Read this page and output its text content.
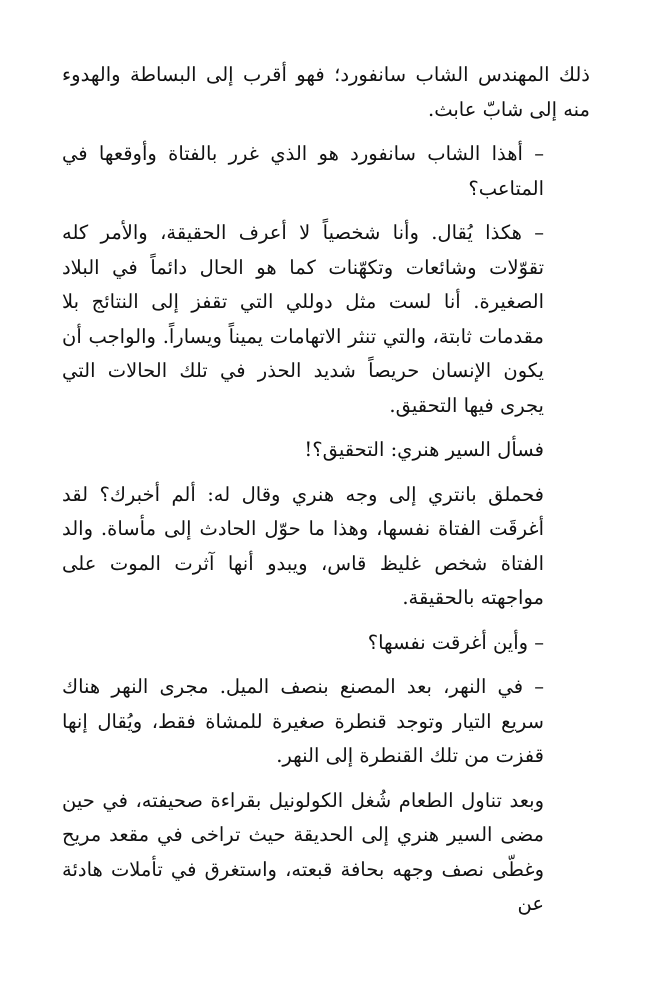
ذلك المهندس الشاب سانفورد؛ فهو أقرب إلى البساطة والهدوء منه إلى شابّ عابث.

– أهذا الشاب سانفورد هو الذي غرر بالفتاة وأوقعها في المتاعب؟

– هكذا يُقال. وأنا شخصياً لا أعرف الحقيقة، والأمر كله تقوّلات وشائعات وتكهّنات كما هو الحال دائماً في البلاد الصغيرة. أنا لست مثل دوللي التي تقفز إلى النتائج بلا مقدمات ثابتة، والتي تنثر الاتهامات يميناً ويساراً. والواجب أن يكون الإنسان حريصاً شديد الحذر في تلك الحالات التي يجرى فيها التحقيق.

فسأل السير هنري: التحقيق؟!

فحملق بانتري إلى وجه هنري وقال له: ألم أخبرك؟ لقد أغرقَت الفتاة نفسها، وهذا ما حوّل الحادث إلى مأساة. والد الفتاة شخص غليظ قاس، ويبدو أنها آثرت الموت على مواجهته بالحقيقة.

– وأين أغرقت نفسها؟

– في النهر، بعد المصنع بنصف الميل. مجرى النهر هناك سريع التيار وتوجد قنطرة صغيرة للمشاة فقط، ويُقال إنها قفزت من تلك القنطرة إلى النهر.

وبعد تناول الطعام شُغل الكولونيل بقراءة صحيفته، في حين مضى السير هنري إلى الحديقة حيث تراخى في مقعد مريح وغطّى نصف وجهه بحافة قبعته، واستغرق في تأملات هادئة عن
